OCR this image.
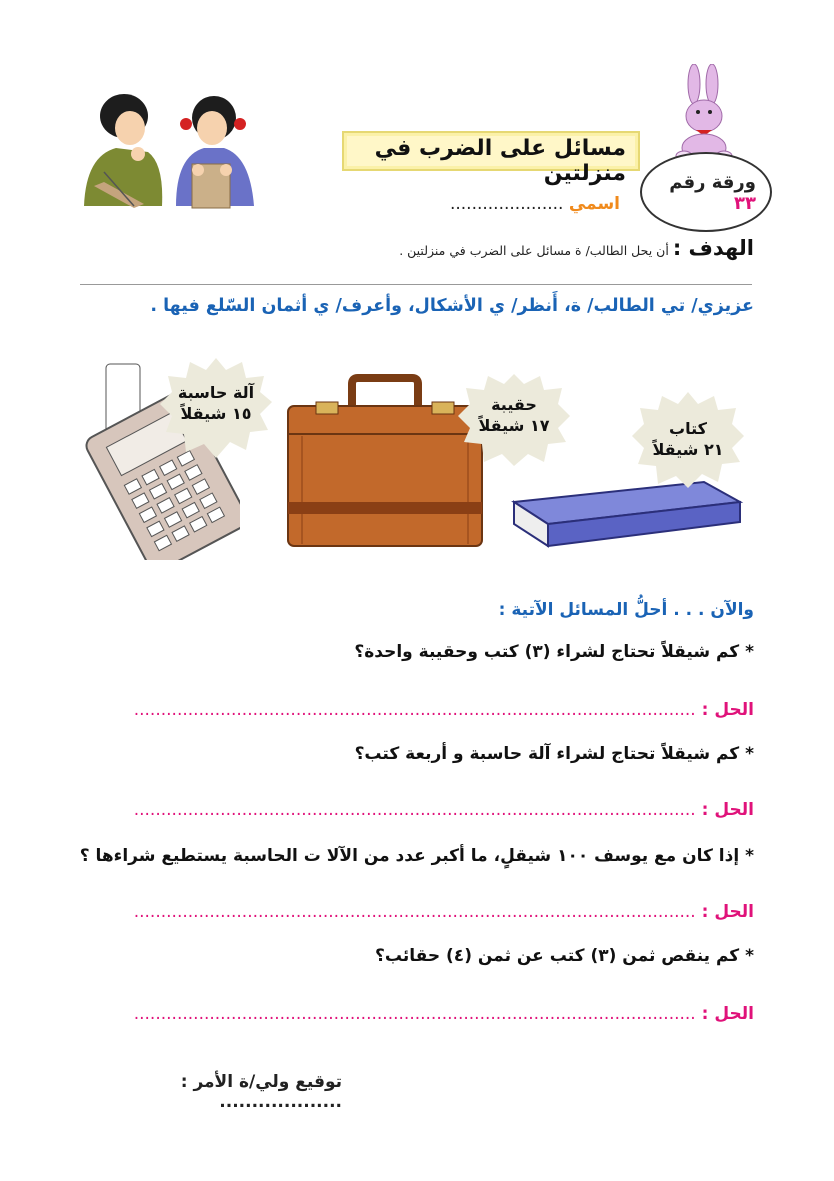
ورقة رقم ٣٣
مسائل على الضرب في منزلتين
اسمي .....................
الهدف : أن يحل الطالب/ ة مسائل على الضرب في منزلتين .
عزيزي/ تي الطالب/ ة، أَنظر/ ي الأشكال، وأعرف/ ي أثمان السّلع فيها .
آلة حاسبة
١٥ شيقلاً	حقيبة
١٧ شيقلاً	كتاب
٢١ شيقلاً
والآن . . . أحلُّ المسائل الآتية :
* كم شيقلاً تحتاج لشراء (٣) كتب وحقيبة واحدة؟
الحل : ........................................................................................................
* كم شيقلاً تحتاج لشراء آلة حاسبة و أربعة كتب؟
الحل : ........................................................................................................
* إذا كان مع يوسف ١٠٠ شيقلٍ، ما أكبر عدد من الآلا ت الحاسبة يستطيع شراءها ؟
الحل : ........................................................................................................
* كم ينقص ثمن (٣) كتب عن ثمن (٤) حقائب؟
الحل : ........................................................................................................
توقيع ولي/ة الأمر : ...................
